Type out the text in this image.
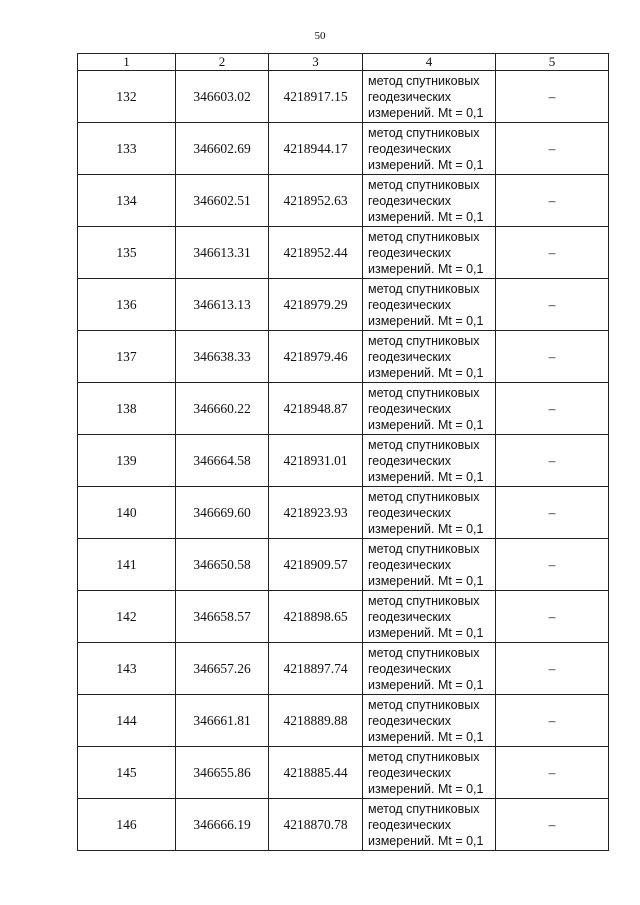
50
1	2	3	4	5
132	346603.02	4218917.15	метод спутниковых
геодезических
измерений. Mt = 0,1	–
133	346602.69	4218944.17	метод спутниковых
геодезических
измерений. Mt = 0,1	–
134	346602.51	4218952.63	метод спутниковых
геодезических
измерений. Mt = 0,1	–
135	346613.31	4218952.44	метод спутниковых
геодезических
измерений. Mt = 0,1	–
136	346613.13	4218979.29	метод спутниковых
геодезических
измерений. Mt = 0,1	–
137	346638.33	4218979.46	метод спутниковых
геодезических
измерений. Mt = 0,1	–
138	346660.22	4218948.87	метод спутниковых
геодезических
измерений. Mt = 0,1	–
139	346664.58	4218931.01	метод спутниковых
геодезических
измерений. Mt = 0,1	–
140	346669.60	4218923.93	метод спутниковых
геодезических
измерений. Mt = 0,1	–
141	346650.58	4218909.57	метод спутниковых
геодезических
измерений. Mt = 0,1	–
142	346658.57	4218898.65	метод спутниковых
геодезических
измерений. Mt = 0,1	–
143	346657.26	4218897.74	метод спутниковых
геодезических
измерений. Mt = 0,1	–
144	346661.81	4218889.88	метод спутниковых
геодезических
измерений. Mt = 0,1	–
145	346655.86	4218885.44	метод спутниковых
геодезических
измерений. Mt = 0,1	–
146	346666.19	4218870.78	метод спутниковых
геодезических
измерений. Mt = 0,1	–
